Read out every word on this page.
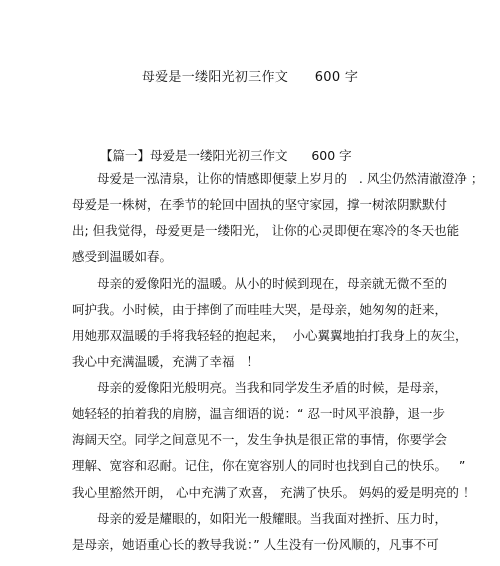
母爱是一缕阳光初三作文      600 字
【篇一】母爱是一缕阳光初三作文      600 字
母爱是一泓清泉，让你的情感即便蒙上岁月的   . 风尘仍然清澈澄净 ；
母爱是一株树，在季节的轮回中固执的坚守家园，撑一树浓阴默默付
出; 但我觉得，母爱更是一缕阳光， 让你的心灵即便在寒冷的冬天也能
感受到温暖如春。
母亲的爱像阳光的温暖。从小的时候到现在，母亲就无微不至的
呵护我。小时候，由于摔倒了而哇哇大哭，是母亲，她匆匆的赶来，
用她那双温暖的手将我轻轻的抱起来，  小心翼翼地拍打我身上的灰尘，
我心中充满温暖，充满了幸福   ！
母亲的爱像阳光般明亮。当我和同学发生矛盾的时候，是母亲，
她轻轻的拍着我的肩膀，温言细语的说：“ 忍一时风平浪静，退一步
海阔天空。同学之间意见不一，发生争执是很正常的事情，你要学会
理解、宽容和忍耐。记住，你在宽容别人的同时也找到自己的快乐。   ”
我心里豁然开朗， 心中充满了欢喜， 充满了快乐。 妈妈的爱是明亮的 ！
母亲的爱是耀眼的，如阳光一般耀眼。当我面对挫折、压力时，
是母亲，她语重心长的教导我说：” 人生没有一份风顺的，凡事不可
